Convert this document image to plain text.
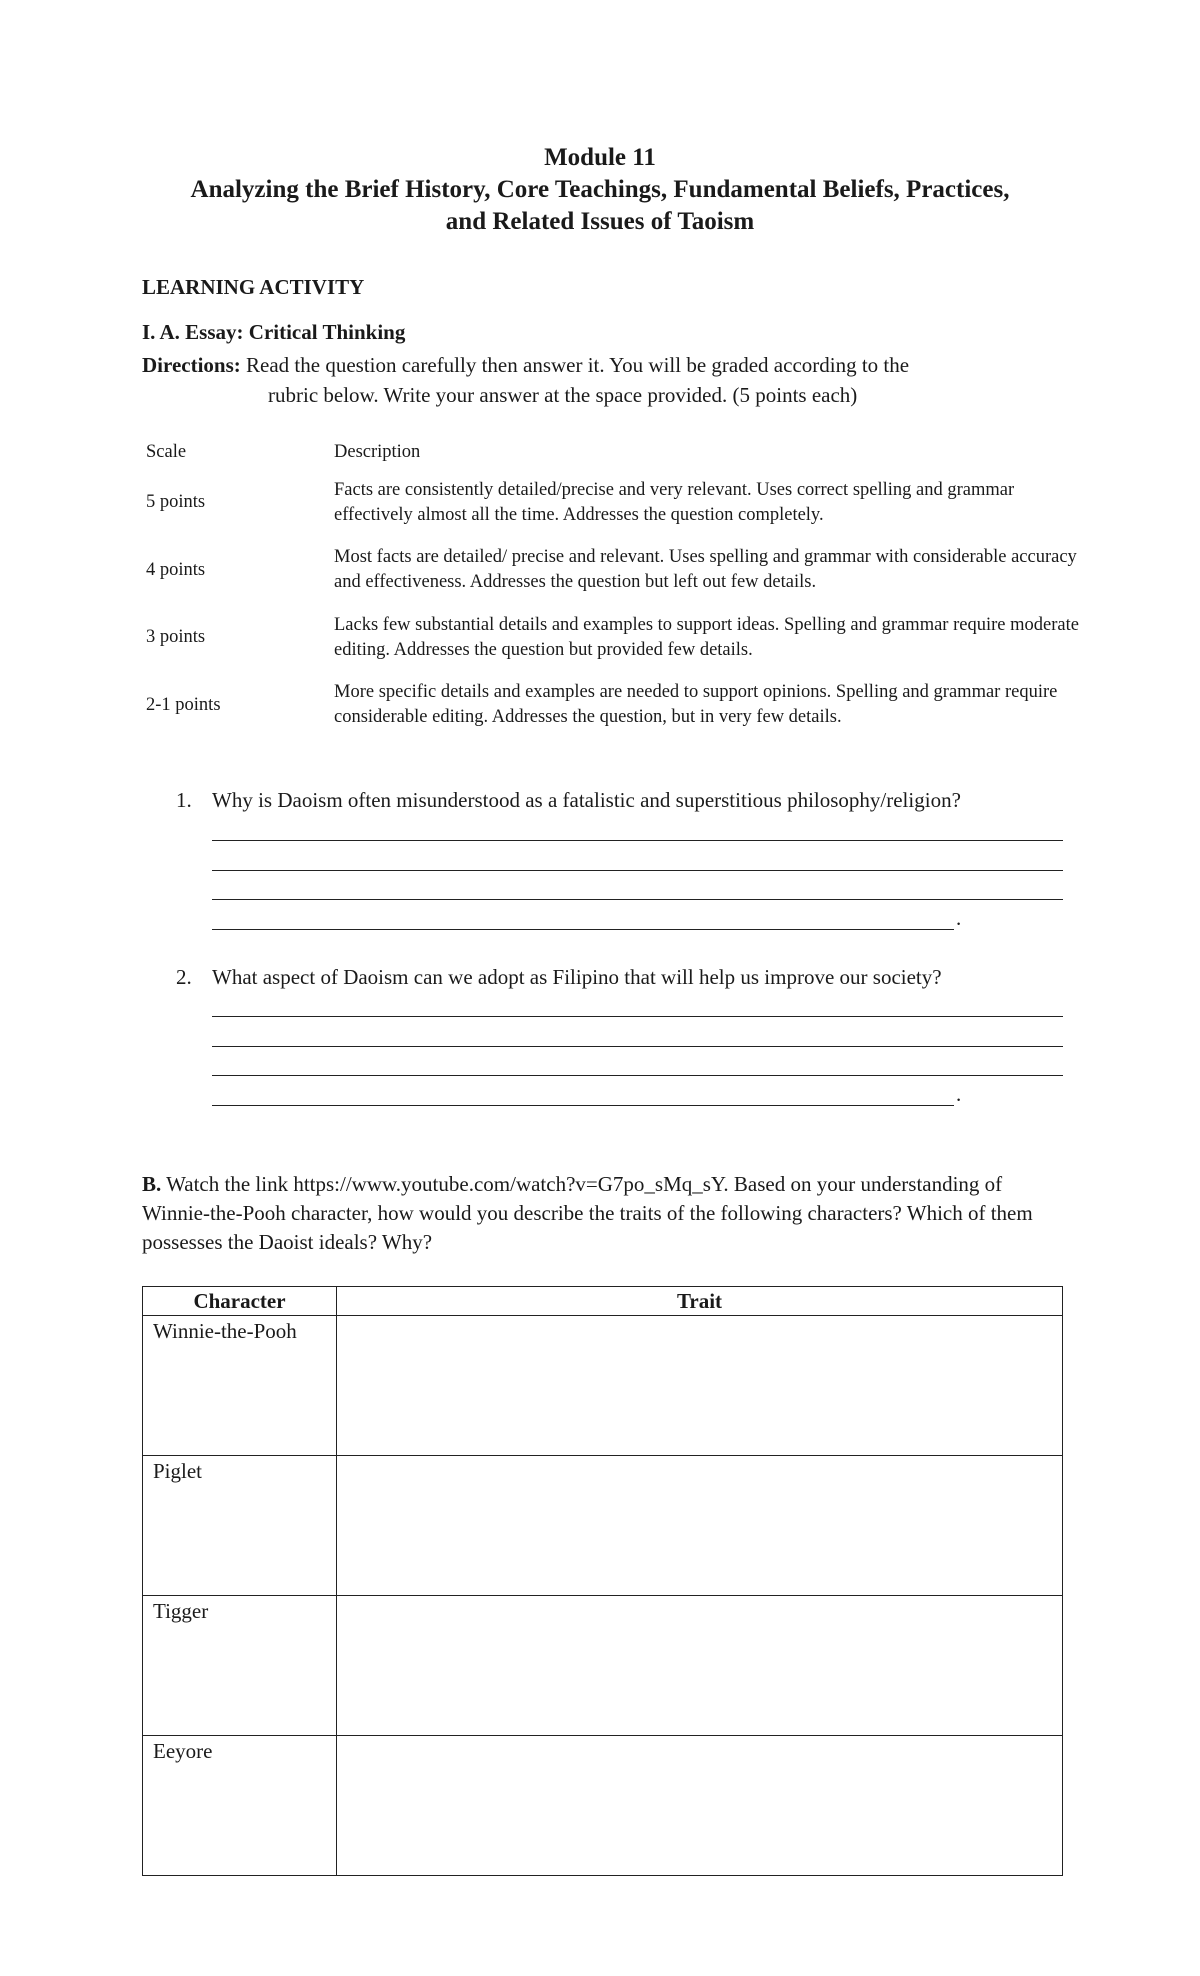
Module 11
Analyzing the Brief History, Core Teachings, Fundamental Beliefs, Practices,
and Related Issues of Taoism
LEARNING ACTIVITY
I. A. Essay: Critical Thinking
Directions: Read the question carefully then answer it. You will be graded according to the
rubric below. Write your answer at the space provided. (5 points each)
Scale	Description
5 points	Facts are consistently detailed/precise and very relevant. Uses correct spelling and grammar effectively almost all the time. Addresses the question completely.
4 points	Most facts are detailed/ precise and relevant. Uses spelling and grammar with considerable accuracy and effectiveness. Addresses the question but left out few details.
3 points	Lacks few substantial details and examples to support ideas. Spelling and grammar require moderate editing. Addresses the question but provided few details.
2-1 points	More specific details and examples are needed to support opinions. Spelling and grammar require considerable editing. Addresses the question, but in very few details.
1. Why is Daoism often misunderstood as a fatalistic and superstitious philosophy/religion?
.
2. What aspect of Daoism can we adopt as Filipino that will help us improve our society?
.
B. Watch the link https://www.youtube.com/watch?v=G7po_sMq_sY. Based on your understanding of Winnie-the-Pooh character, how would you describe the traits of the following characters? Which of them possesses the Daoist ideals? Why?
Character	Trait
Winnie-the-Pooh	
Piglet	
Tigger	
Eeyore	
